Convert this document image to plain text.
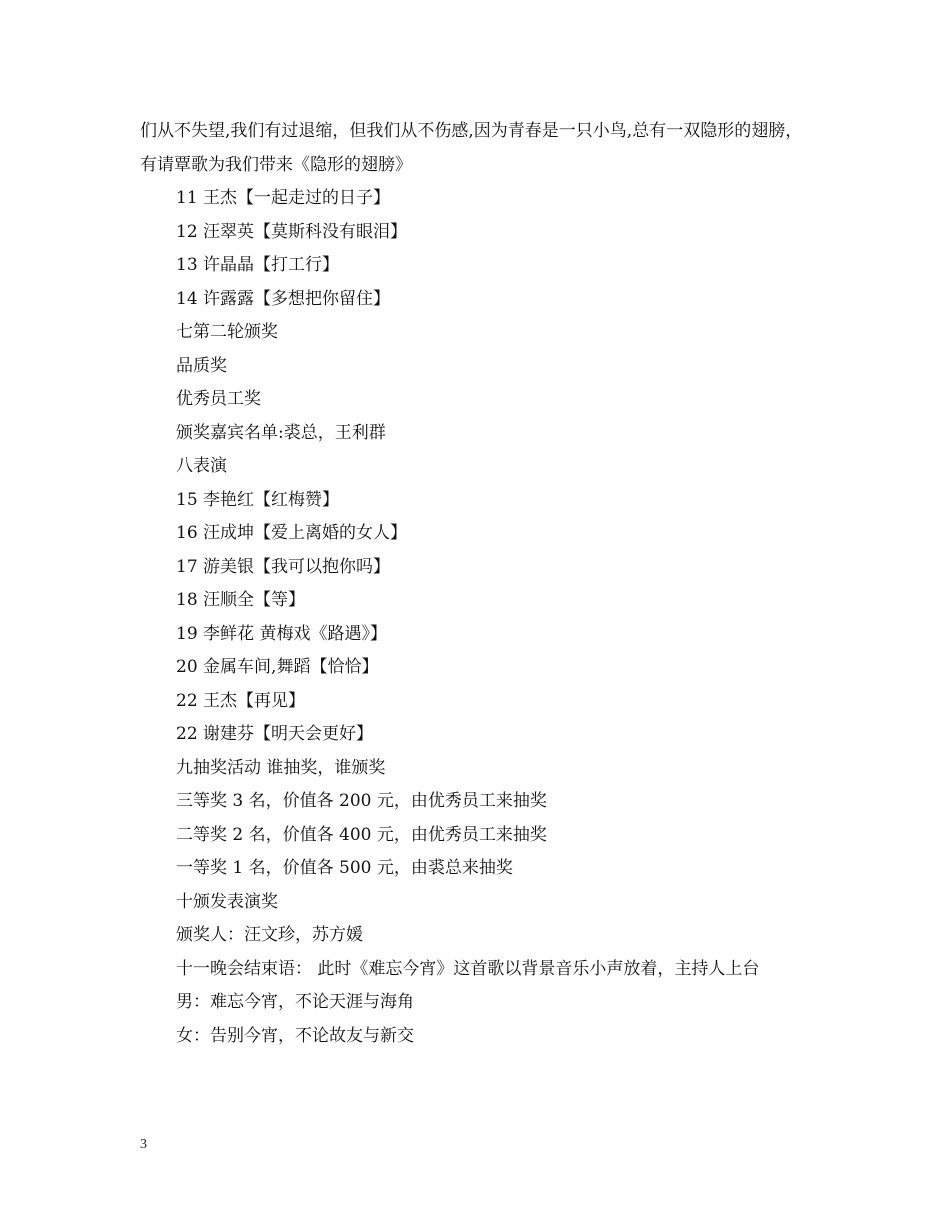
们从不失望,我们有过退缩，但我们从不伤感,因为青春是一只小鸟,总有一双隐形的翅膀， 有请覃歌为我们带来《隐形的翅膀》

11 王杰【一起走过的日子】

12 汪翠英【莫斯科没有眼泪】

13 许晶晶【打工行】

14 许露露【多想把你留住】

七第二轮颁奖

品质奖

优秀员工奖

颁奖嘉宾名单:裘总，王利群

八表演

15 李艳红【红梅赞】

16 汪成坤【爱上离婚的女人】

17 游美银【我可以抱你吗】

18 汪顺全【等】

19 李鲜花 黄梅戏《路遇》】

20 金属车间,舞蹈【恰恰】

22 王杰【再见】

22 谢建芬【明天会更好】

九抽奖活动 谁抽奖，谁颁奖

三等奖 3 名，价值各 200 元，由优秀员工来抽奖

二等奖 2 名，价值各 400 元，由优秀员工来抽奖

一等奖 1 名，价值各 500 元，由裘总来抽奖

十颁发表演奖

颁奖人：汪文珍，苏方媛

十一晚会结束语： 此时《难忘今宵》这首歌以背景音乐小声放着，主持人上台

男：难忘今宵，不论天涯与海角

女：告别今宵，不论故友与新交

3
